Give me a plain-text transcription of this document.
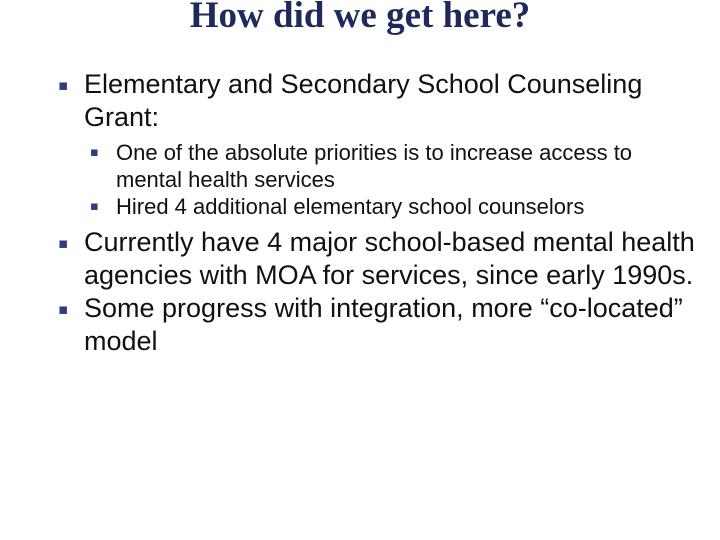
How did we get here?
▪ Elementary and Secondary School Counseling Grant:
▪ One of the absolute priorities is to increase access to mental health services
▪ Hired 4 additional elementary school counselors
▪ Currently have 4 major school-based mental health agencies with MOA for services, since early 1990s.
▪ Some progress with integration, more “co-located” model
